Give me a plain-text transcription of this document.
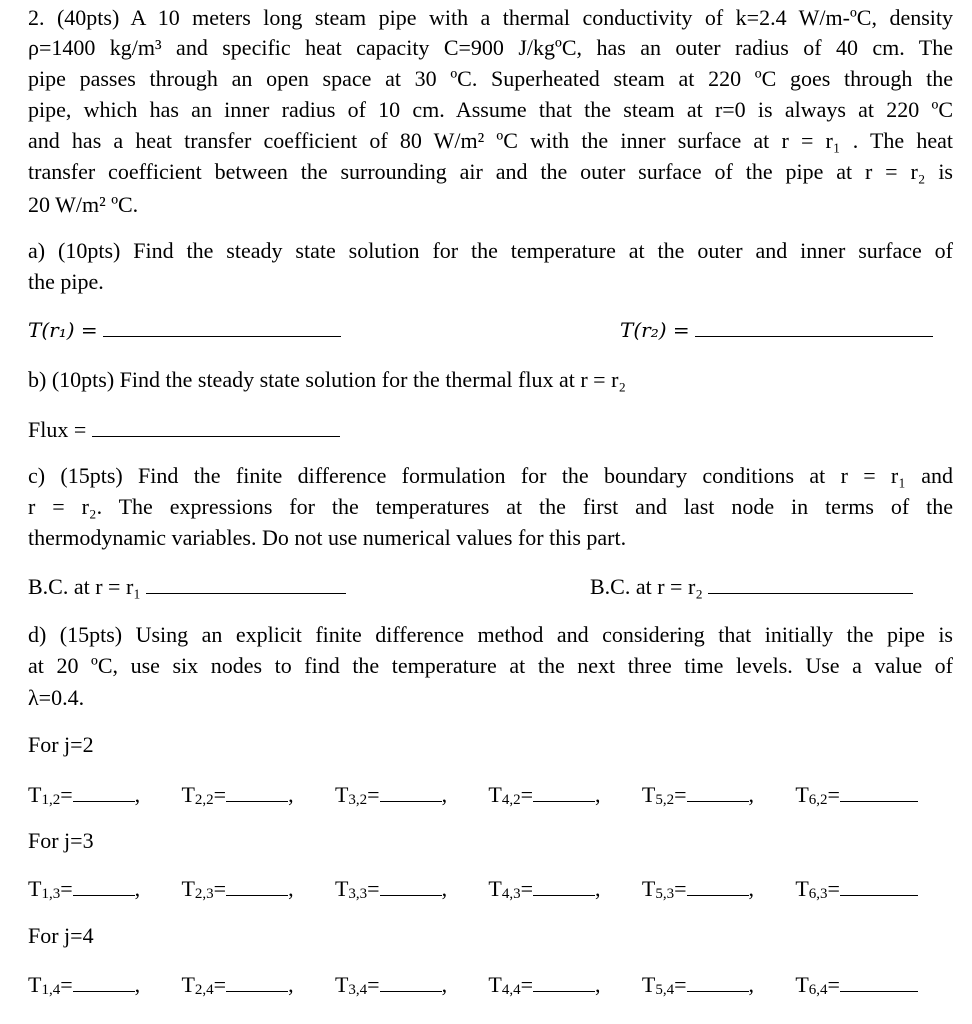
2. (40pts) A 10 meters long steam pipe with a thermal conductivity of k=2.4 W/m-ºC, density
ρ=1400 kg/m³ and specific heat capacity C=900 J/kgºC, has an outer radius of 40 cm. The
pipe passes through an open space at 30 ºC. Superheated steam at 220 ºC goes through the
pipe, which has an inner radius of 10 cm. Assume that the steam at r=0 is always at 220 ºC
and has a heat transfer coefficient of 80 W/m² ºC with the inner surface at r = r₁ . The heat
transfer coefficient between the surrounding air and the outer surface of the pipe at r = r₂ is
20 W/m² ºC.
a) (10pts) Find the steady state solution for the temperature at the outer and inner surface of
the pipe.
T(r₁) =	T(r₂) =
b) (10pts) Find the steady state solution for the thermal flux at r = r₂
Flux =
c) (15pts) Find the finite difference formulation for the boundary conditions at r = r₁ and
r = r₂. The expressions for the temperatures at the first and last node in terms of the
thermodynamic variables. Do not use numerical values for this part.
B.C. at r = r₁	B.C. at r = r₂
d) (15pts) Using an explicit finite difference method and considering that initially the pipe is
at 20 ºC, use six nodes to find the temperature at the next three time levels. Use a value of
λ=0.4.
For j=2
$T_{1,2}=$	, $T_{2,2}=$	, $T_{3,2}=$	, $T_{4,2}=$	, $T_{5,2}=$	, $T_{6,2}=$
For j=3
$T_{1,3}=$	, $T_{2,3}=$	, $T_{3,3}=$	, $T_{4,3}=$	, $T_{5,3}=$	, $T_{6,3}=$
For j=4
$T_{1,4}=$	, $T_{2,4}=$	, $T_{3,4}=$	, $T_{4,4}=$	, $T_{5,4}=$	, $T_{6,4}=$
